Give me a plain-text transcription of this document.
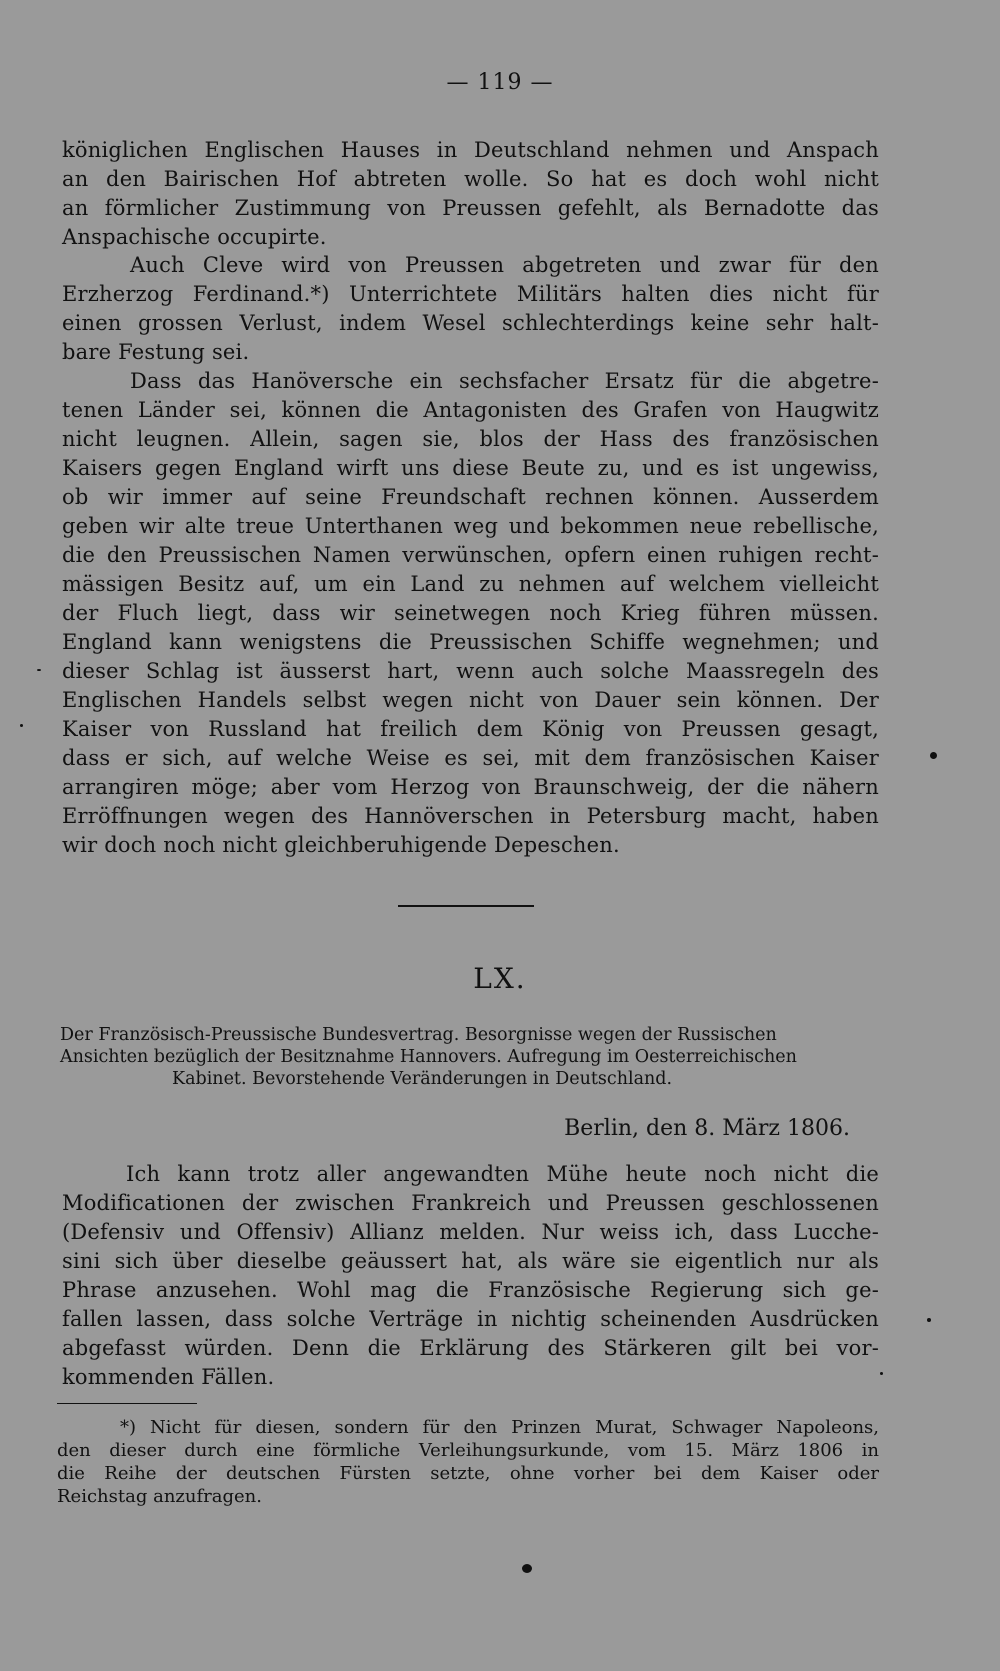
— 119 —
königlichen Englischen Hauses in Deutschland nehmen und Anspach
an den Bairischen Hof abtreten wolle. So hat es doch wohl nicht
an förmlicher Zustimmung von Preussen gefehlt, als Bernadotte das
Anspachische occupirte.
Auch Cleve wird von Preussen abgetreten und zwar für den
Erzherzog Ferdinand.*) Unterrichtete Militärs halten dies nicht für
einen grossen Verlust, indem Wesel schlechterdings keine sehr halt-
bare Festung sei.
Dass das Hanöversche ein sechsfacher Ersatz für die abgetre-
tenen Länder sei, können die Antagonisten des Grafen von Haugwitz
nicht leugnen. Allein, sagen sie, blos der Hass des französischen
Kaisers gegen England wirft uns diese Beute zu, und es ist ungewiss,
ob wir immer auf seine Freundschaft rechnen können. Ausserdem
geben wir alte treue Unterthanen weg und bekommen neue rebellische,
die den Preussischen Namen verwünschen, opfern einen ruhigen recht-
mässigen Besitz auf, um ein Land zu nehmen auf welchem vielleicht
der Fluch liegt, dass wir seinetwegen noch Krieg führen müssen.
England kann wenigstens die Preussischen Schiffe wegnehmen; und
dieser Schlag ist äusserst hart, wenn auch solche Maassregeln des
Englischen Handels selbst wegen nicht von Dauer sein können. Der
Kaiser von Russland hat freilich dem König von Preussen gesagt,
dass er sich, auf welche Weise es sei, mit dem französischen Kaiser
arrangiren möge; aber vom Herzog von Braunschweig, der die nähern
Erröffnungen wegen des Hannöverschen in Petersburg macht, haben
wir doch noch nicht gleichberuhigende Depeschen.
LX.
Der Französisch-Preussische Bundesvertrag. Besorgnisse wegen der Russischen
Ansichten bezüglich der Besitznahme Hannovers. Aufregung im Oesterreichischen
Kabinet. Bevorstehende Veränderungen in Deutschland.
Berlin, den 8. März 1806.
Ich kann trotz aller angewandten Mühe heute noch nicht die
Modificationen der zwischen Frankreich und Preussen geschlossenen
(Defensiv und Offensiv) Allianz melden. Nur weiss ich, dass Lucche-
sini sich über dieselbe geäussert hat, als wäre sie eigentlich nur als
Phrase anzusehen. Wohl mag die Französische Regierung sich ge-
fallen lassen, dass solche Verträge in nichtig scheinenden Ausdrücken
abgefasst würden. Denn die Erklärung des Stärkeren gilt bei vor-
kommenden Fällen.
*) Nicht für diesen, sondern für den Prinzen Murat, Schwager Napoleons,
den dieser durch eine förmliche Verleihungsurkunde, vom 15. März 1806 in
die Reihe der deutschen Fürsten setzte, ohne vorher bei dem Kaiser oder
Reichstag anzufragen.
